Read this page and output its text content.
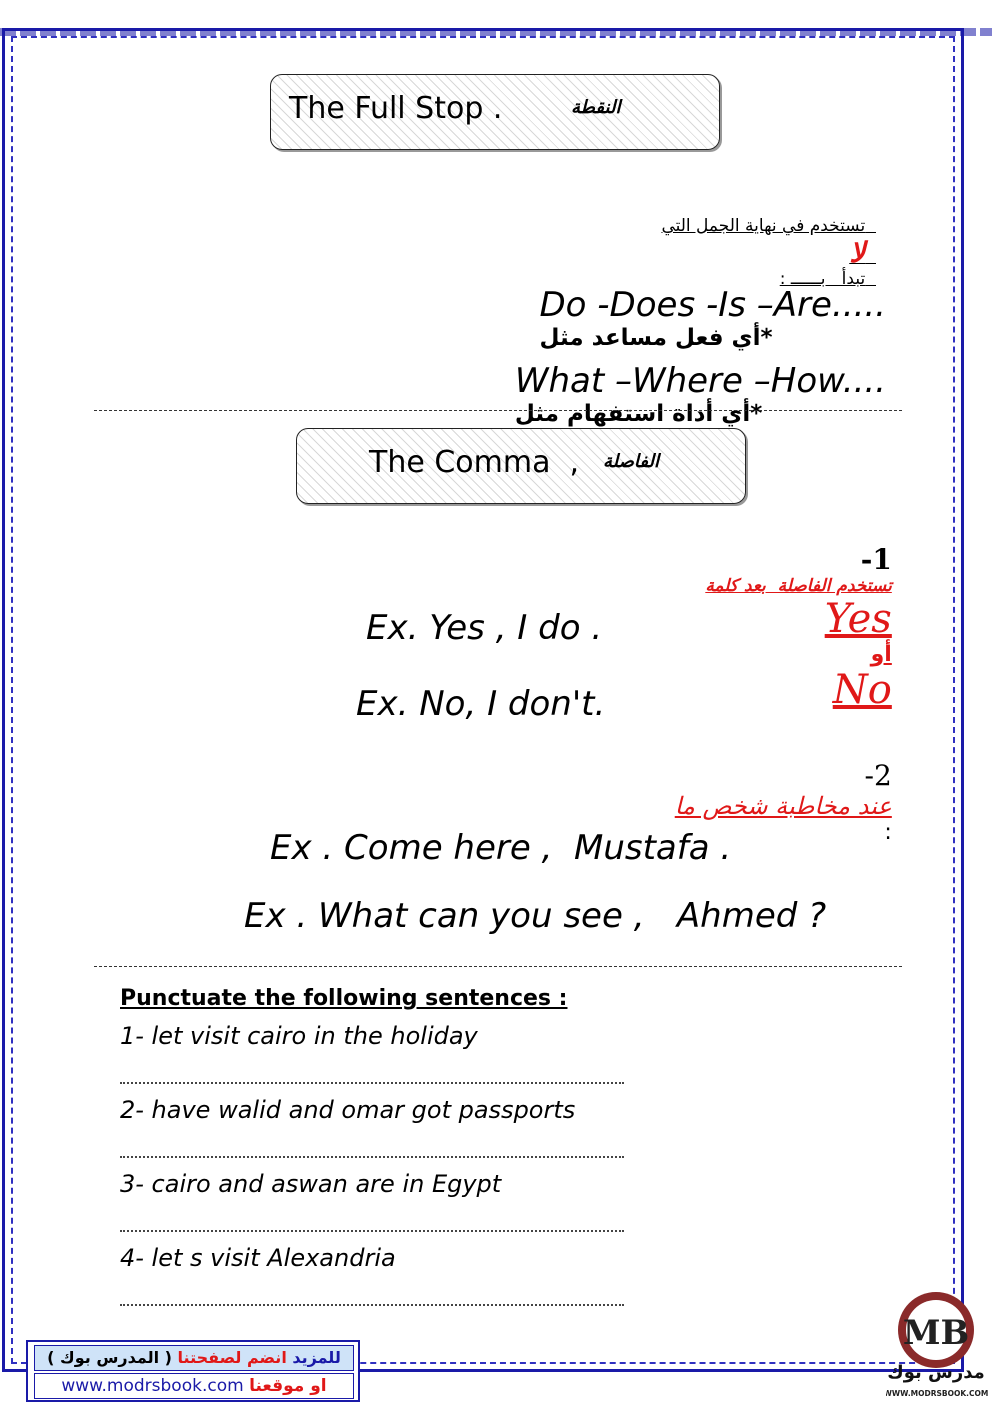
The Full Stop .	النقطة

تستخدم في نهاية الجمل التي
لا
تبدأ   بــــــ :

Do -Does -Is –Are.....
*أي فعل مساعد مثل

What –Where –How....
*أي أداة استفهام مثل

The Comma  , الفاصلة

1-
تستخدم الفاصلة  بعد كلمة
Yes
أو
No

Ex. Yes , I do .
Ex. No, I don't.

2-
عند مخاطبة شخص ما
:

Ex . Come here ,  Mustafa .
Ex . What can you see ,   Ahmed ?
Punctuate the following sentences :
1- let visit cairo in the holiday
2- have walid and omar got passports
3- cairo and aswan are in Egypt
4- let s visit Alexandria
للمزيد انضم لصفحتنا ( المدرس بوك )
www.modrsbook.com او موقعنا
MB
مدرس بوك
WWW.MODRSBOOK.COM
